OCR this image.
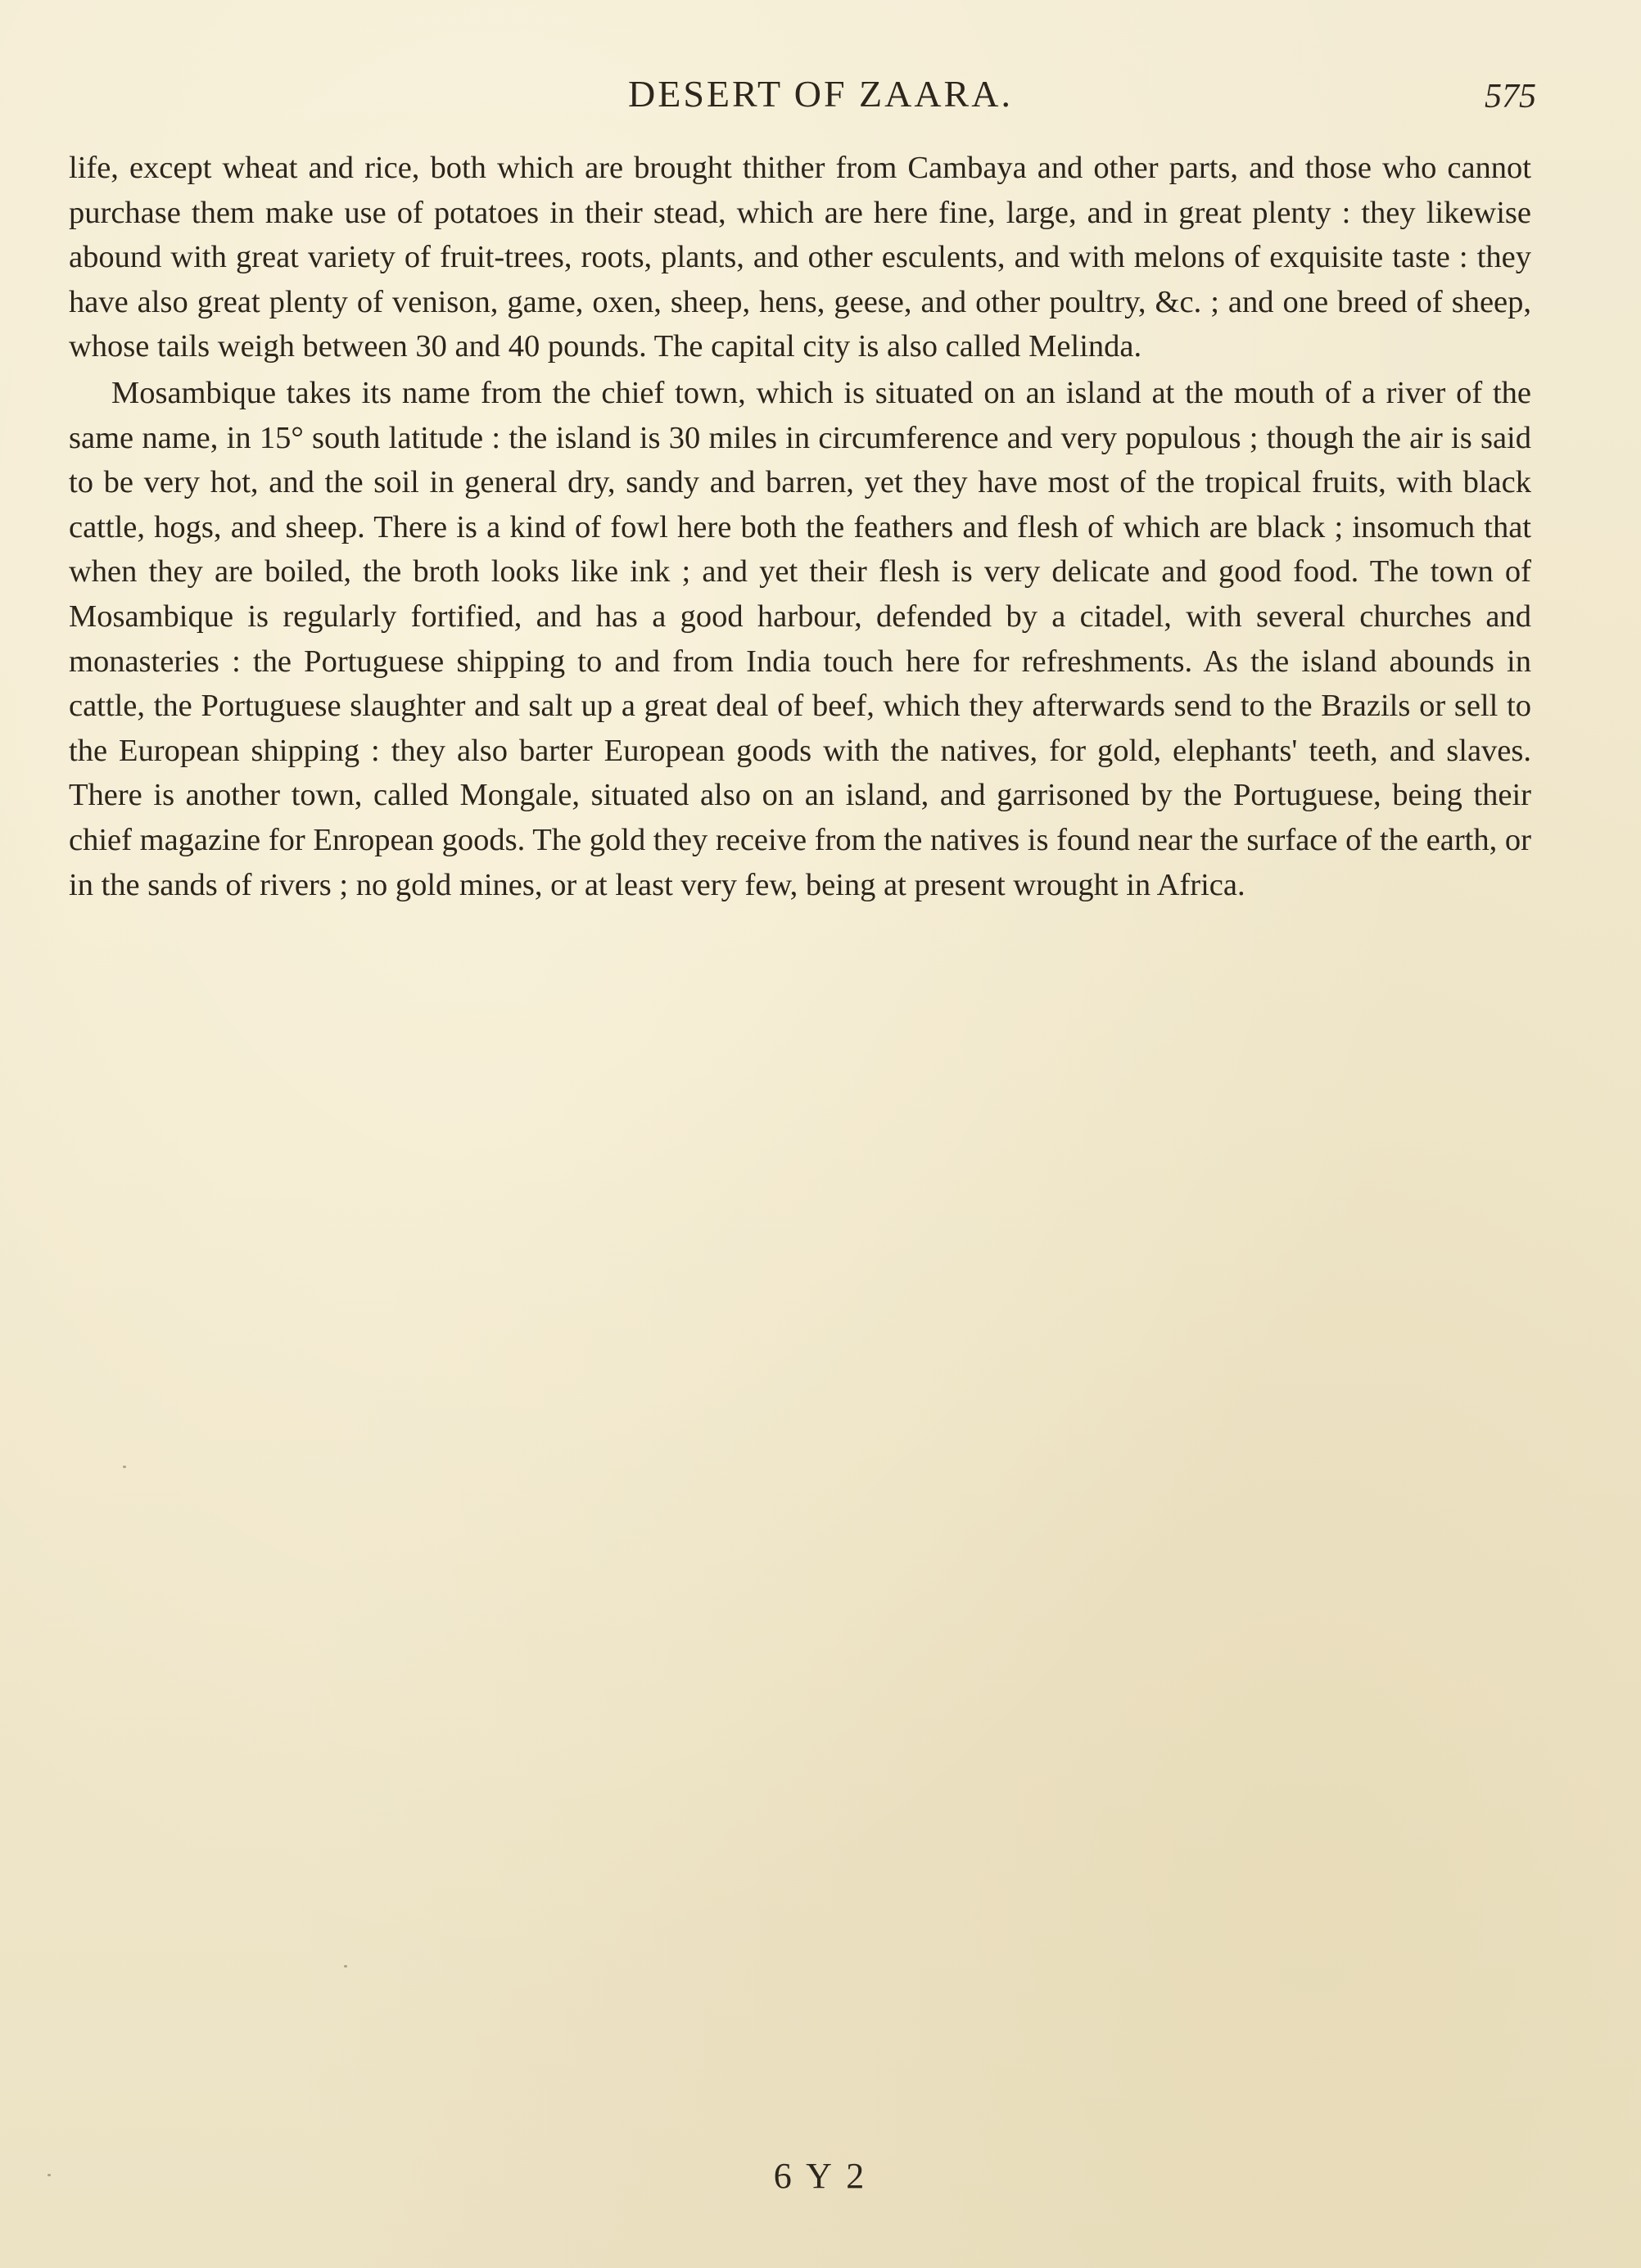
DESERT OF ZAARA.	575

life, except wheat and rice, both which are brought thither from Cambaya and other parts, and those who cannot purchase them make use of potatoes in their stead, which are here fine, large, and in great plenty : they likewise abound with great variety of fruit-trees, roots, plants, and other esculents, and with melons of exquisite taste : they have also great plenty of venison, game, oxen, sheep, hens, geese, and other poultry, &c. ; and one breed of sheep, whose tails weigh between 30 and 40 pounds. The capital city is also called Melinda.

Mosambique takes its name from the chief town, which is situated on an island at the mouth of a river of the same name, in 15° south latitude : the island is 30 miles in circumference and very populous ; though the air is said to be very hot, and the soil in general dry, sandy and barren, yet they have most of the tropical fruits, with black cattle, hogs, and sheep. There is a kind of fowl here both the feathers and flesh of which are black ; insomuch that when they are boiled, the broth looks like ink ; and yet their flesh is very delicate and good food. The town of Mosambique is regularly fortified, and has a good harbour, defended by a citadel, with several churches and monasteries : the Portuguese shipping to and from India touch here for refreshments. As the island abounds in cattle, the Portuguese slaughter and salt up a great deal of beef, which they afterwards send to the Brazils or sell to the European shipping : they also barter European goods with the natives, for gold, elephants' teeth, and slaves. There is another town, called Mongale, situated also on an island, and garrisoned by the Portuguese, being their chief magazine for Enropean goods. The gold they receive from the natives is found near the surface of the earth, or in the sands of rivers ; no gold mines, or at least very few, being at present wrought in Africa.

6 Y 2
